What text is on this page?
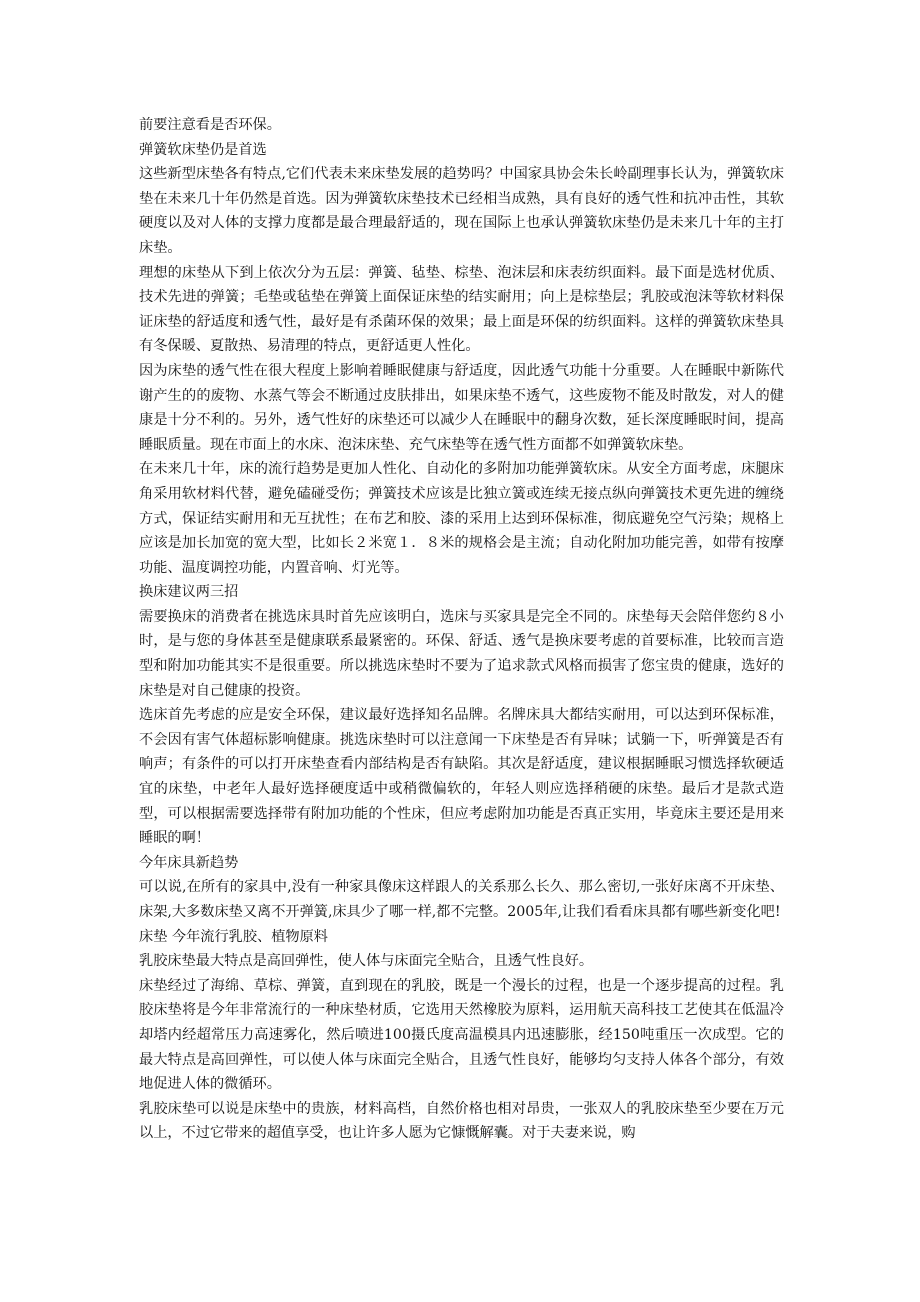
前要注意看是否环保。

弹簧软床垫仍是首选

这些新型床垫各有特点,它们代表未来床垫发展的趋势吗？中国家具协会朱长岭副理事长认为，弹簧软床垫在未来几十年仍然是首选。因为弹簧软床垫技术已经相当成熟，具有良好的透气性和抗冲击性，其软硬度以及对人体的支撑力度都是最合理最舒适的，现在国际上也承认弹簧软床垫仍是未来几十年的主打床垫。

理想的床垫从下到上依次分为五层：弹簧、毡垫、棕垫、泡沫层和床表纺织面料。最下面是选材优质、技术先进的弹簧；毛垫或毡垫在弹簧上面保证床垫的结实耐用；向上是棕垫层；乳胶或泡沫等软材料保证床垫的舒适度和透气性，最好是有杀菌环保的效果；最上面是环保的纺织面料。这样的弹簧软床垫具有冬保暖、夏散热、易清理的特点，更舒适更人性化。

因为床垫的透气性在很大程度上影响着睡眠健康与舒适度，因此透气功能十分重要。人在睡眠中新陈代谢产生的的废物、水蒸气等会不断通过皮肤排出，如果床垫不透气，这些废物不能及时散发，对人的健康是十分不利的。另外，透气性好的床垫还可以减少人在睡眠中的翻身次数，延长深度睡眠时间，提高睡眠质量。现在市面上的水床、泡沫床垫、充气床垫等在透气性方面都不如弹簧软床垫。

在未来几十年，床的流行趋势是更加人性化、自动化的多附加功能弹簧软床。从安全方面考虑，床腿床角采用软材料代替，避免磕碰受伤；弹簧技术应该是比独立簧或连续无接点纵向弹簧技术更先进的缠绕方式，保证结实耐用和无互扰性；在布艺和胶、漆的采用上达到环保标准，彻底避免空气污染；规格上应该是加长加宽的宽大型，比如长２米宽１．８米的规格会是主流；自动化附加功能完善，如带有按摩功能、温度调控功能，内置音响、灯光等。

换床建议两三招

需要换床的消费者在挑选床具时首先应该明白，选床与买家具是完全不同的。床垫每天会陪伴您约８小时，是与您的身体甚至是健康联系最紧密的。环保、舒适、透气是换床要考虑的首要标准，比较而言造型和附加功能其实不是很重要。所以挑选床垫时不要为了追求款式风格而损害了您宝贵的健康，选好的床垫是对自己健康的投资。

选床首先考虑的应是安全环保，建议最好选择知名品牌。名牌床具大都结实耐用，可以达到环保标准，不会因有害气体超标影响健康。挑选床垫时可以注意闻一下床垫是否有异味；试躺一下，听弹簧是否有响声；有条件的可以打开床垫查看内部结构是否有缺陷。其次是舒适度，建议根据睡眠习惯选择软硬适宜的床垫，中老年人最好选择硬度适中或稍微偏软的，年轻人则应选择稍硬的床垫。最后才是款式造型，可以根据需要选择带有附加功能的个性床，但应考虑附加功能是否真正实用，毕竟床主要还是用来睡眠的啊！

今年床具新趋势

可以说,在所有的家具中,没有一种家具像床这样跟人的关系那么长久、那么密切,一张好床离不开床垫、床架,大多数床垫又离不开弹簧,床具少了哪一样,都不完整。2005年,让我们看看床具都有哪些新变化吧!

床垫 今年流行乳胶、植物原料

乳胶床垫最大特点是高回弹性，使人体与床面完全贴合，且透气性良好。

床垫经过了海绵、草棕、弹簧，直到现在的乳胶，既是一个漫长的过程，也是一个逐步提高的过程。乳胶床垫将是今年非常流行的一种床垫材质，它选用天然橡胶为原料，运用航天高科技工艺使其在低温冷却塔内经超常压力高速雾化，然后喷进100摄氏度高温模具内迅速膨胀，经150吨重压一次成型。它的最大特点是高回弹性，可以使人体与床面完全贴合，且透气性良好，能够均匀支持人体各个部分，有效地促进人体的微循环。

乳胶床垫可以说是床垫中的贵族，材料高档，自然价格也相对昂贵，一张双人的乳胶床垫至少要在万元以上，不过它带来的超值享受，也让许多人愿为它慷慨解囊。对于夫妻来说，购
